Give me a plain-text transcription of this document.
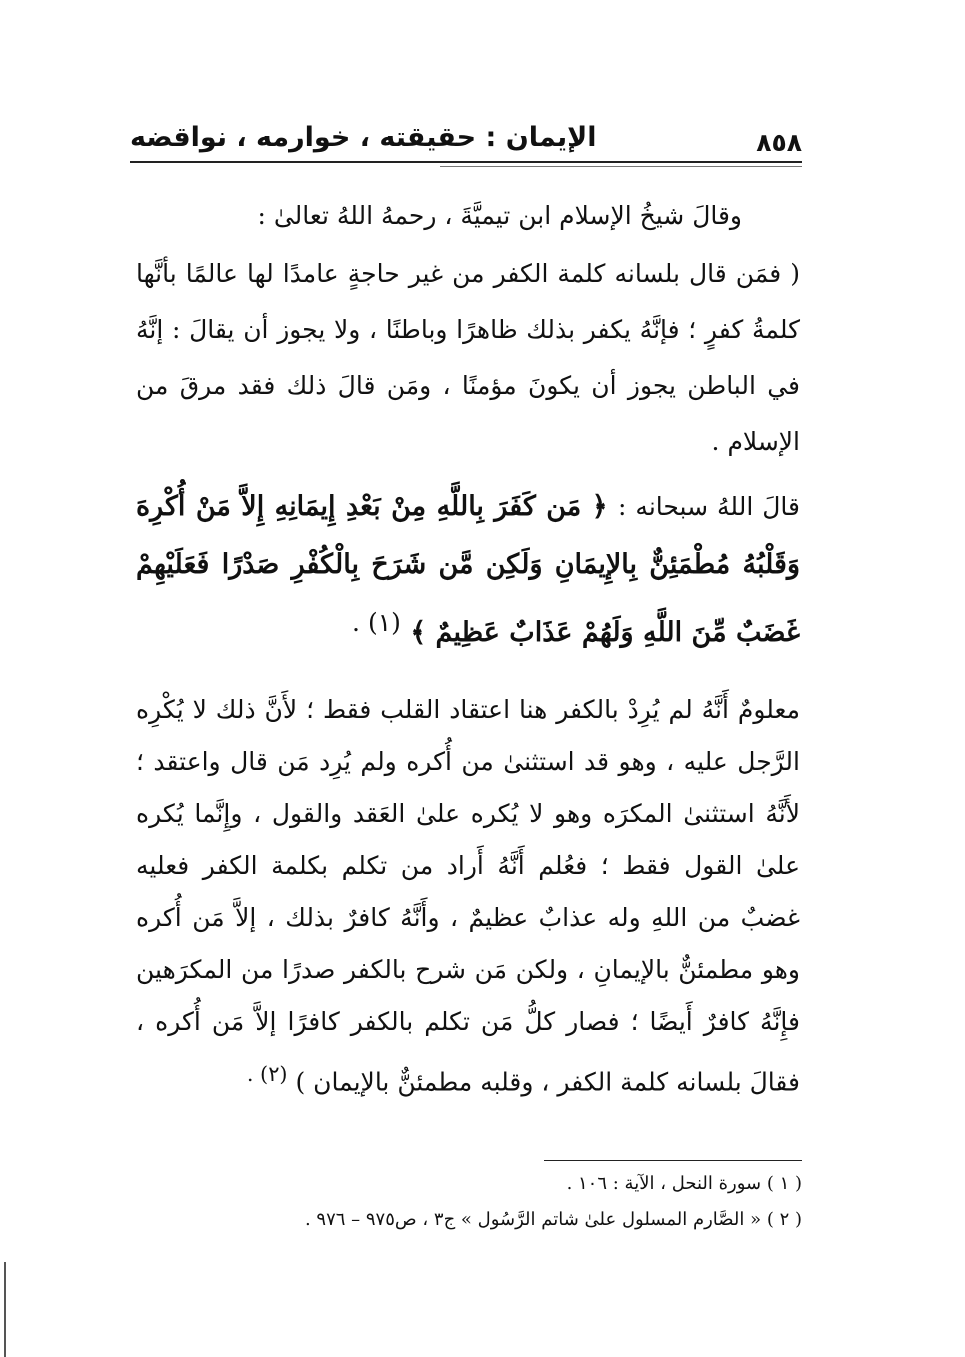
٨٥٨
الإيمان : حقيقته ، خوارمه ، نواقضه

وقالَ شيخُ الإسلام ابن تيميَّةَ ، رحمهُ اللهُ تعالىٰ :

( فمَن قال بلسانه كلمة الكفر من غير حاجةٍ عامدًا لها عالمًا بأنَّها كلمةُ كفرٍ ؛ فإنَّهُ يكفر بذلك ظاهرًا وباطنًا ، ولا يجوز أن يقالَ : إنَّهُ في الباطن يجوز أن يكونَ مؤمنًا ، ومَن قالَ ذلك فقد مرقَ من الإسلام .

قالَ اللهُ سبحانه : ﴿ مَن كَفَرَ بِاللَّهِ مِنْ بَعْدِ إِيمَانِهِ إِلاَّ مَنْ أُكْرِهَ وَقَلْبُهُ مُطْمَئِنٌّ بِالإِيمَانِ وَلَكِن مَّن شَرَحَ بِالْكُفْرِ صَدْرًا فَعَلَيْهِمْ غَضَبٌ مِّنَ اللَّهِ وَلَهُمْ عَذَابٌ عَظِيمٌ ﴾ $^{(١) .}$

معلومٌ أَنَّهُ لم يُرِدْ بالكفر هنا اعتقاد القلب فقط ؛ لأَنَّ ذلك لا يُكْرِه الرَّجل عليه ، وهو قد استثنىٰ من أُكره ولم يُرِد مَن قال واعتقد ؛ لأَنَّهُ استثنىٰ المكرَه وهو لا يُكره علىٰ العَقد والقول ، وإِنَّما يُكره علىٰ القول فقط ؛ فعُلم أَنَّهُ أَراد من تكلم بكلمة الكفر فعليه غضبٌ من اللهِ وله عذابٌ عظيمٌ ، وأَنَّهُ كافرٌ بذلك ، إلاَّ مَن أُكره وهو مطمئنٌّ بالإيمانِ ، ولكن مَن شرح بالكفر صدرًا من المكرَهين فإِنَّهُ كافرٌ أَيضًا ؛ فصار كلُّ مَن تكلم بالكفر كافرًا إلاَّ مَن أُكره ، فقالَ بلسانه كلمة الكفر ، وقلبه مطمئنٌّ بالإيمان ) $^{(٢) .}$

( ١ ) سورة النحل ، الآية : ١٠٦ .

( ٢ ) « الصَّارم المسلول علىٰ شاتم الرَّسُول » ج٣ ، ص٩٧٥ – ٩٧٦ .
